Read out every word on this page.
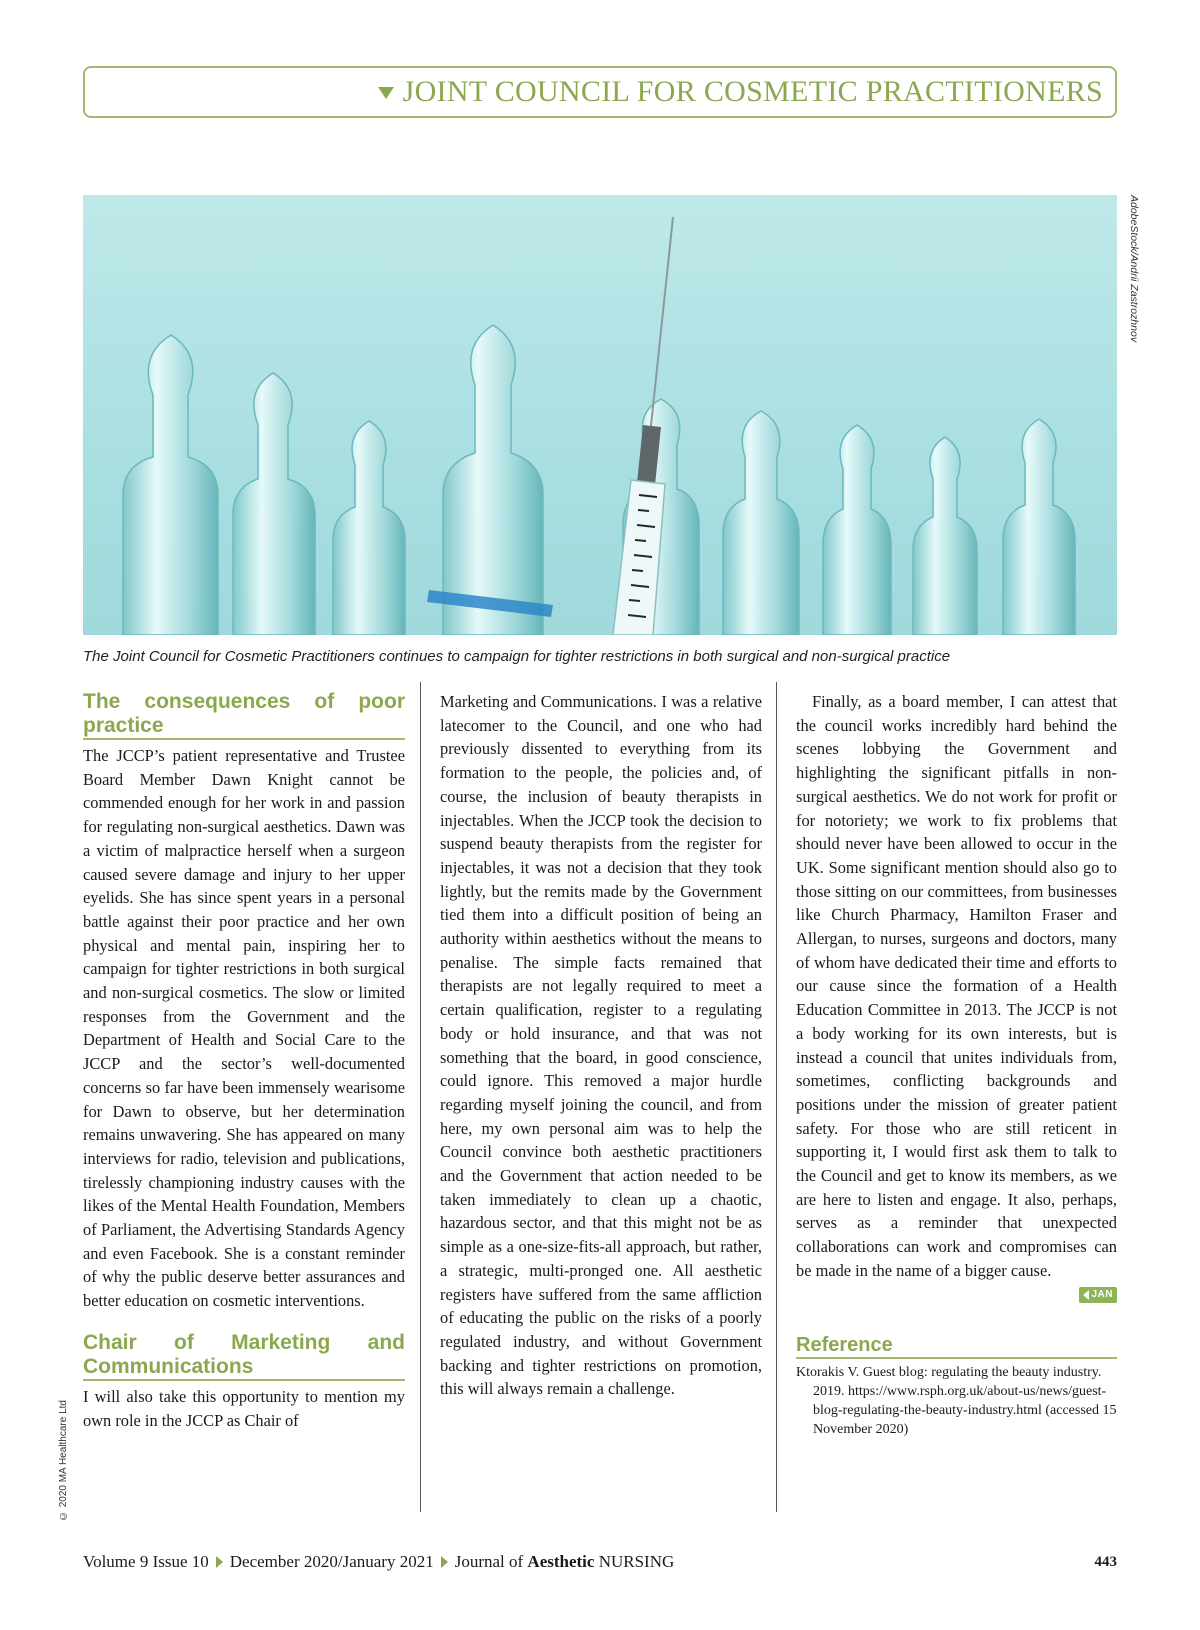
JOINT COUNCIL FOR COSMETIC PRACTITIONERS
AdobeStock/Andrii Zastrozhnov
The Joint Council for Cosmetic Practitioners continues to campaign for tighter restrictions in both surgical and non-surgical practice
The consequences of poor practice

The JCCP’s patient representative and Trustee Board Member Dawn Knight cannot be commended enough for her work in and passion for regulating non-surgical aesthetics. Dawn was a victim of malpractice herself when a surgeon caused severe damage and injury to her upper eyelids. She has since spent years in a personal battle against their poor practice and her own physical and mental pain, inspiring her to campaign for tighter restrictions in both surgical and non-surgical cosmetics. The slow or limited responses from the Government and the Department of Health and Social Care to the JCCP and the sector’s well-documented concerns so far have been immensely wearisome for Dawn to observe, but her determination remains unwavering. She has appeared on many interviews for radio, television and publications, tirelessly championing industry causes with the likes of the Mental Health Foundation, Members of Parliament, the Advertising Standards Agency and even Facebook. She is a constant reminder of why the public deserve better assurances and better education on cosmetic interventions.

Chair of Marketing and Communications

I will also take this opportunity to mention my own role in the JCCP as Chair of

Marketing and Communications. I was a relative latecomer to the Council, and one who had previously dissented to everything from its formation to the people, the policies and, of course, the inclusion of beauty therapists in injectables. When the JCCP took the decision to suspend beauty therapists from the register for injectables, it was not a decision that they took lightly, but the remits made by the Government tied them into a difficult position of being an authority within aesthetics without the means to penalise. The simple facts remained that therapists are not legally required to meet a certain qualification, register to a regulating body or hold insurance, and that was not something that the board, in good conscience, could ignore. This removed a major hurdle regarding myself joining the council, and from here, my own personal aim was to help the Council convince both aesthetic practitioners and the Government that action needed to be taken immediately to clean up a chaotic, hazardous sector, and that this might not be as simple as a one-size-fits-all approach, but rather, a strategic, multi-pronged one. All aesthetic registers have suffered from the same affliction of educating the public on the risks of a poorly regulated industry, and without Government backing and tighter restrictions on promotion, this will always remain a challenge.

Finally, as a board member, I can attest that the council works incredibly hard behind the scenes lobbying the Government and highlighting the significant pitfalls in non-surgical aesthetics. We do not work for profit or for notoriety; we work to fix problems that should never have been allowed to occur in the UK. Some significant mention should also go to those sitting on our committees, from businesses like Church Pharmacy, Hamilton Fraser and Allergan, to nurses, surgeons and doctors, many of whom have dedicated their time and efforts to our cause since the formation of a Health Education Committee in 2013. The JCCP is not a body working for its own interests, but is instead a council that unites individuals from, sometimes, conflicting backgrounds and positions under the mission of greater patient safety. For those who are still reticent in supporting it, I would first ask them to talk to the Council and get to know its members, as we are here to listen and engage. It also, perhaps, serves as a reminder that unexpected collaborations can work and compromises can be made in the name of a bigger cause.

JAN
Reference

Ktorakis V. Guest blog: regulating the beauty industry. 2019. https://www.rsph.org.uk/about-us/news/guest-blog-regulating-the-beauty-industry.html (accessed 15 November 2020)

© 2020 MA Healthcare Ltd
Volume 9 Issue 10 December 2020/January 2021 Journal of
Aesthetic
NURSING	443
